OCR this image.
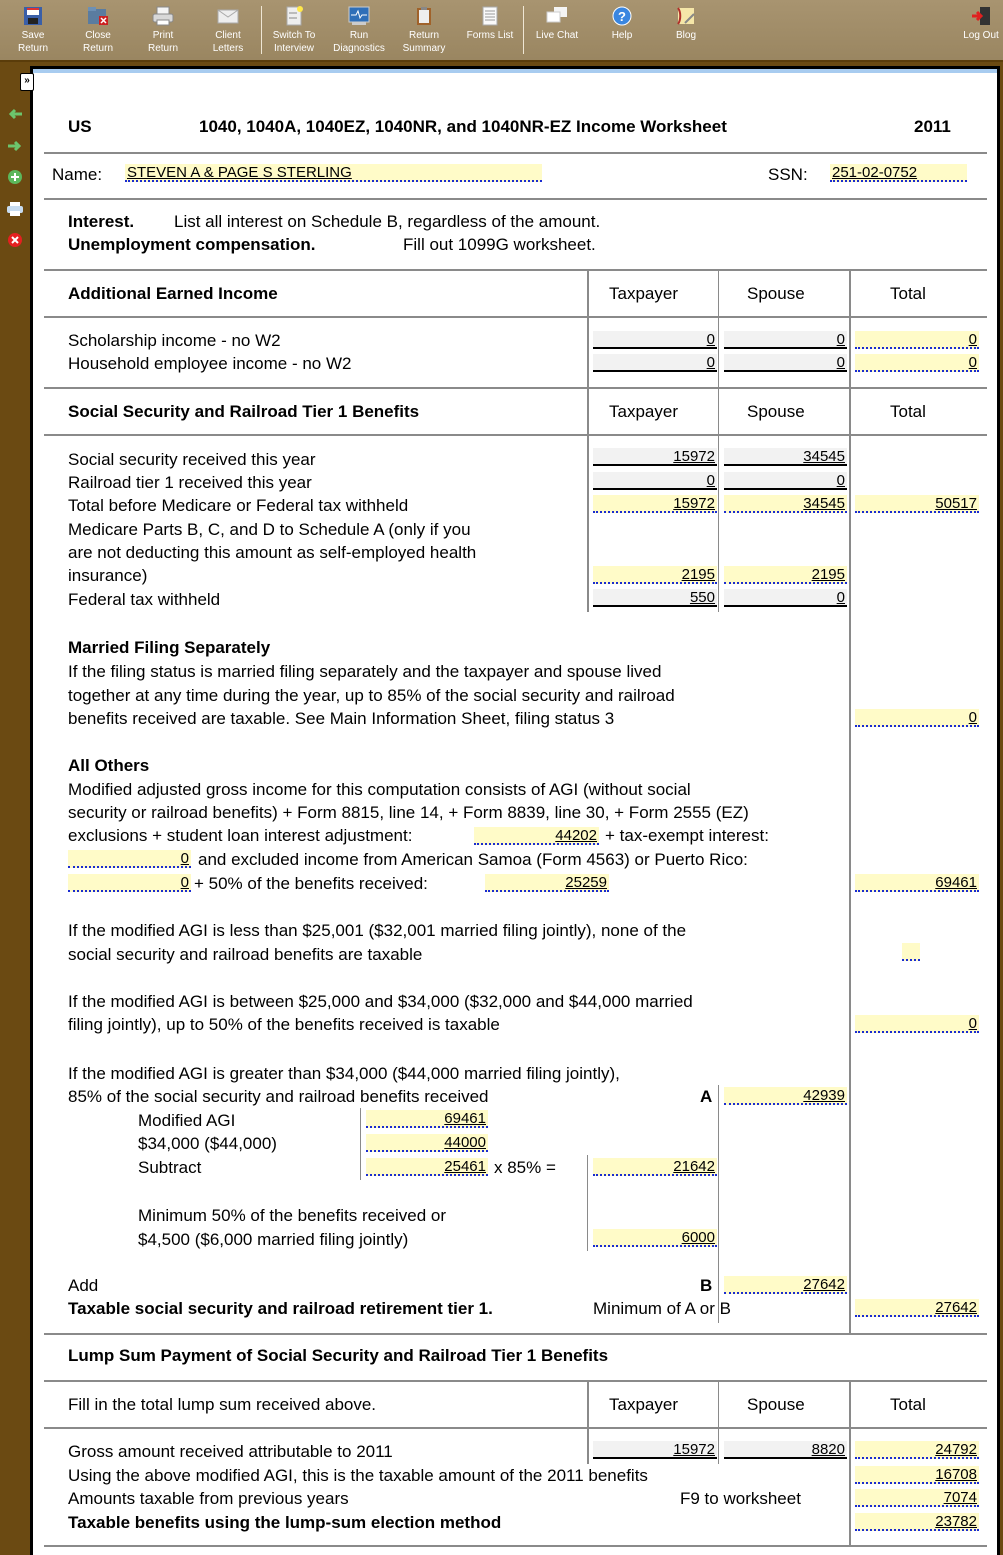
Save
Return
Close
Return
Print
Return
Client
Letters
Switch To
Interview
Run
Diagnostics
Return
Summary
Forms List	Live Chat
?
Help	Blog	Log Out
»
US	1040, 1040A, 1040EZ, 1040NR, and 1040NR-EZ Income Worksheet	2011
Name: STEVEN A & PAGE S STERLING	SSN: 251-02-0752
Interest. List all interest on Schedule B, regardless of the amount.
Unemployment compensation.	Fill out 1099G worksheet.
Additional Earned Income	Taxpayer	Spouse	Total
Scholarship income - no W2	0	0	0
Household employee income - no W2	0	0	0
Social Security and Railroad Tier 1 Benefits	Taxpayer	Spouse	Total
Social security received this year	15972	34545
Railroad tier 1 received this year	0	0
Total before Medicare or Federal tax withheld	15972	34545	50517
Medicare Parts B, C, and D to Schedule A (only if you
are not deducting this amount as self-employed health
insurance)	2195	2195
Federal tax withheld	550	0
Married Filing Separately
If the filing status is married filing separately and the taxpayer and spouse lived
together at any time during the year, up to 85% of the social security and railroad
benefits received are taxable. See Main Information Sheet, filing status 3	0
All Others
Modified adjusted gross income for this computation consists of AGI (without social
security or railroad benefits) + Form 8815, line 14, + Form 8839, line 30, + Form 2555 (EZ)
exclusions + student loan interest adjustment:	44202 + tax-exempt interest:
0 and excluded income from American Samoa (Form 4563) or Puerto Rico:
0 + 50% of the benefits received:	25259	69461
If the modified AGI is less than $25,001 ($32,001 married filing jointly), none of the
social security and railroad benefits are taxable
If the modified AGI is between $25,000 and $34,000 ($32,000 and $44,000 married
filing jointly), up to 50% of the benefits received is taxable	0
If the modified AGI is greater than $34,000 ($44,000 married filing jointly),
85% of the social security and railroad benefits received	A	42939
Modified AGI	69461
$34,000 ($44,000)	44000
Subtract	25461 x 85% =	21642
Minimum 50% of the benefits received or
$4,500 ($6,000 married filing jointly)	6000
Add	B	27642
Taxable social security and railroad retirement tier 1.	Minimum of A or B	27642
Lump Sum Payment of Social Security and Railroad Tier 1 Benefits
Fill in the total lump sum received above.	Taxpayer	Spouse	Total
Gross amount received attributable to 2011	15972	8820	24792
Using the above modified AGI, this is the taxable amount of the 2011 benefits	16708
Amounts taxable from previous years	F9 to worksheet	7074
Taxable benefits using the lump-sum election method	23782
